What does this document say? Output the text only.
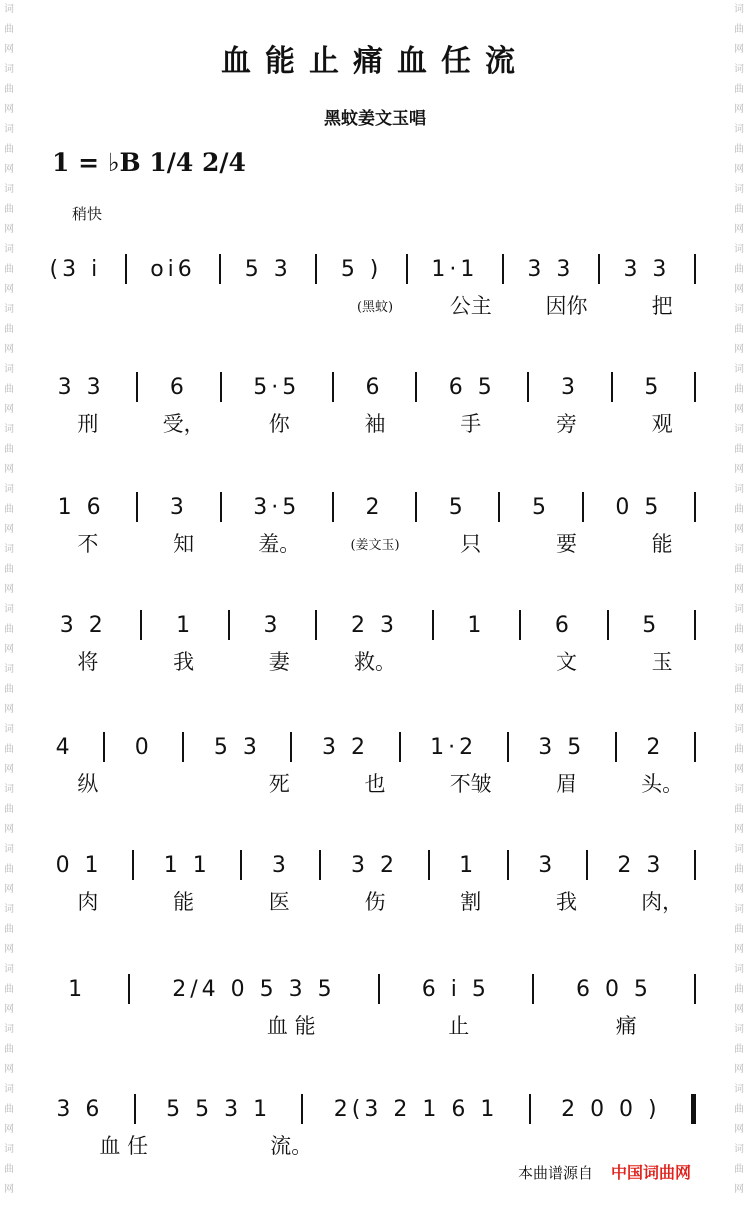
词
曲
网
词
曲
网
词
曲
网
词
曲
网
词
曲
网
词
曲
网
词
曲
网
词
曲
网
词
曲
网
词
曲
网
词
曲
网
词
曲
网
词
曲
网
词
曲
网
词
曲
网
词
曲
网
词
曲
网
词
曲
网
词
曲
网
词
曲
网
词
曲
网
词
曲
网
词
曲
网
词
曲
网
词
曲
网
词
曲
网
词
曲
网
词
曲
网
词
曲
网
词
曲
网
词
曲
网
词
曲
网
词
曲
网
词
曲
网
词
曲
网
词
曲
网
词
曲
网
词
曲
网
词
曲
网
词
曲
网
血能止痛血任流
黑蚊姜文玉唱
1 = ♭B 1/4 2/4
稍快
(3 i	oi6	5 3	5 )	1·1	3 3	3 3
(黑蚊)	公主	因你	把
3 3	6	5·5	6	6 5	3	5
刑	受，	你	袖	手	旁	观
1 6	3	3·5	2	5	5	0 5
不	知	羞。	(姜文玉)	只	要	能
3 2	1	3	2 3	1	6	5
将	我	妻	救。	文	玉
4	0	5 3	3 2	1·2	3 5	2
纵	死	也	不皱	眉	头。
0 1	1 1	3	3 2	1	3	2 3
肉	能	医	伤	割	我	肉，
1	2/4 0 5 3 5	6 i 5	6 0 5
血 能	止	痛
3 6	5 5 3 1	2(3 2 1 6 1	2 0 0 )
血 任	流。
本曲谱源自 中国词曲网
